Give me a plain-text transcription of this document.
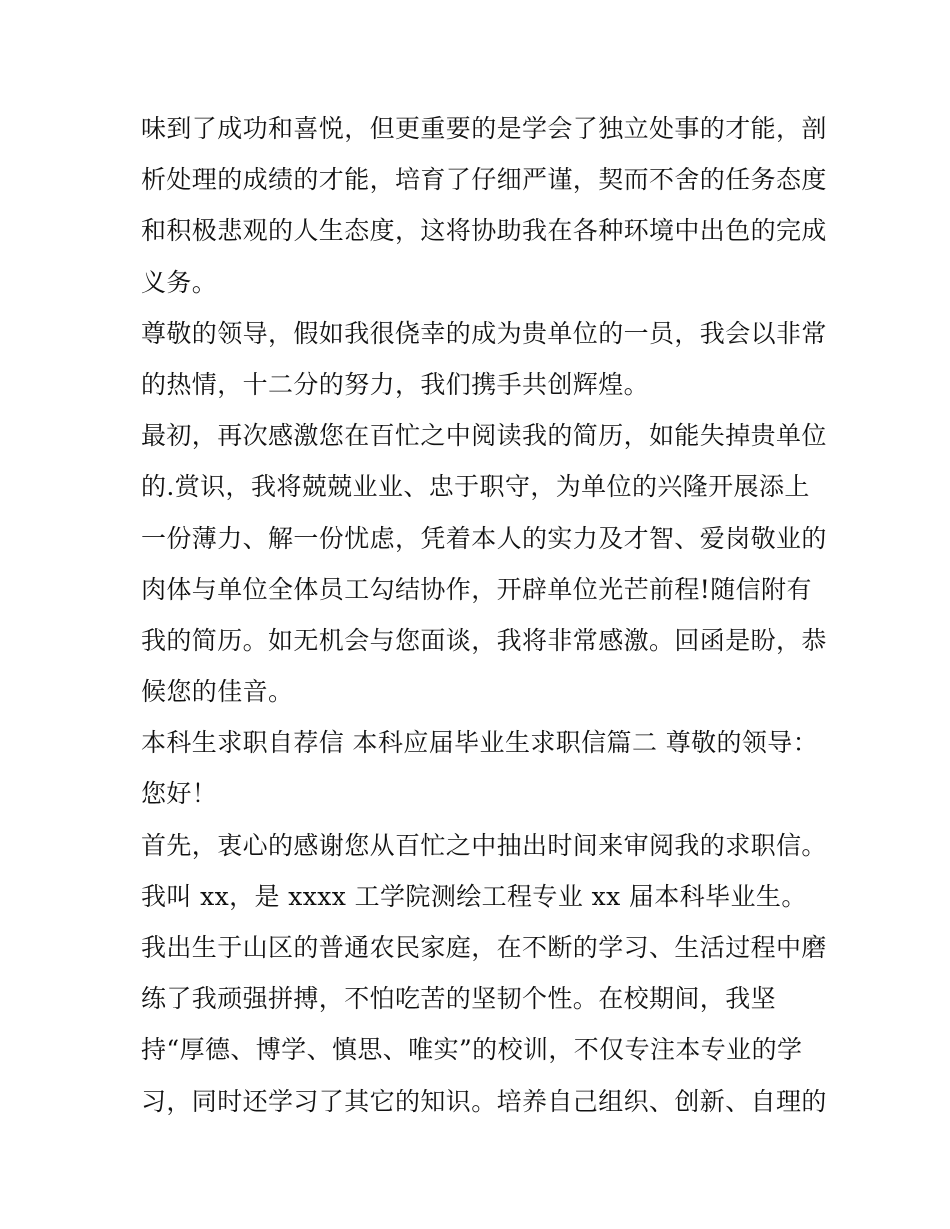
味到了成功和喜悦，但更重要的是学会了独立处事的才能，剖
析处理的成绩的才能，培育了仔细严谨，契而不舍的任务态度
和积极悲观的人生态度，这将协助我在各种环境中出色的完成
义务。
尊敬的领导，假如我很侥幸的成为贵单位的一员，我会以非常
的热情，十二分的努力，我们携手共创辉煌。
最初，再次感激您在百忙之中阅读我的简历，如能失掉贵单位
的.赏识，我将兢兢业业、忠于职守，为单位的兴隆开展添上
一份薄力、解一份忧虑，凭着本人的实力及才智、爱岗敬业的
肉体与单位全体员工勾结协作，开辟单位光芒前程!随信附有
我的简历。如无机会与您面谈，我将非常感激。回函是盼，恭
候您的佳音。
本科生求职自荐信 本科应届毕业生求职信篇二 尊敬的领导：
您好！
首先，衷心的感谢您从百忙之中抽出时间来审阅我的求职信。
我叫 xx，是 xxxx 工学院测绘工程专业 xx 届本科毕业生。
我出生于山区的普通农民家庭，在不断的学习、生活过程中磨
练了我顽强拼搏，不怕吃苦的坚韧个性。在校期间，我坚
持“厚德、博学、慎思、唯实”的校训，不仅专注本专业的学
习，同时还学习了其它的知识。培养自己组织、创新、自理的
